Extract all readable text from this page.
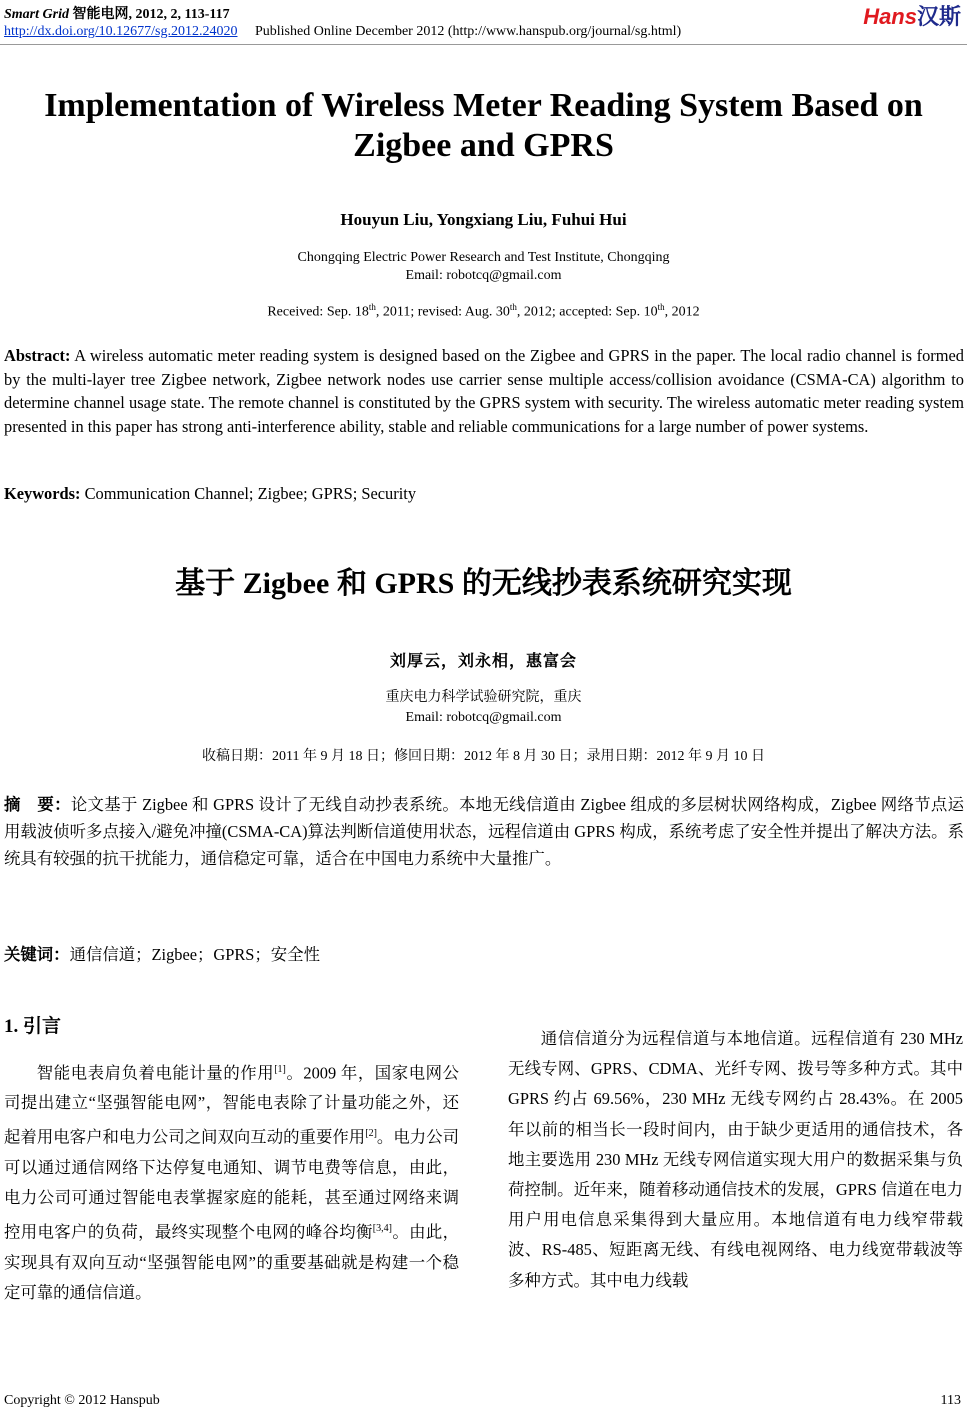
Smart Grid 智能电网, 2012, 2, 113-117
http://dx.doi.org/10.12677/sg.2012.24020 Published Online December 2012 (http://www.hanspub.org/journal/sg.html)
Hans汉斯
Implementation of Wireless Meter Reading System Based on Zigbee and GPRS
Houyun Liu, Yongxiang Liu, Fuhui Hui
Chongqing Electric Power Research and Test Institute, Chongqing
Email: robotcq@gmail.com
Received: Sep. 18th, 2011; revised: Aug. 30th, 2012; accepted: Sep. 10th, 2012
Abstract: A wireless automatic meter reading system is designed based on the Zigbee and GPRS in the paper. The local radio channel is formed by the multi-layer tree Zigbee network, Zigbee network nodes use carrier sense multiple access/collision avoidance (CSMA-CA) algorithm to determine channel usage state. The remote channel is constituted by the GPRS system with security. The wireless automatic meter reading system presented in this paper has strong anti-interference ability, stable and reliable communications for a large number of power systems.
Keywords: Communication Channel; Zigbee; GPRS; Security
基于 Zigbee 和 GPRS 的无线抄表系统研究实现
刘厚云，刘永相，惠富会
重庆电力科学试验研究院，重庆
Email: robotcq@gmail.com
收稿日期：2011 年 9 月 18 日；修回日期：2012 年 8 月 30 日；录用日期：2012 年 9 月 10 日
摘　要：论文基于 Zigbee 和 GPRS 设计了无线自动抄表系统。本地无线信道由 Zigbee 组成的多层树状网络构成，Zigbee 网络节点运用载波侦听多点接入/避免冲撞(CSMA-CA)算法判断信道使用状态，远程信道由 GPRS 构成，系统考虑了安全性并提出了解决方法。系统具有较强的抗干扰能力，通信稳定可靠，适合在中国电力系统中大量推广。
关键词：通信信道；Zigbee；GPRS；安全性
1. 引言

智能电表肩负着电能计量的作用[1]。2009 年，国家电网公司提出建立“坚强智能电网”，智能电表除了计量功能之外，还起着用电客户和电力公司之间双向互动的重要作用[2]。电力公司可以通过通信网络下达停复电通知、调节电费等信息，由此，电力公司可通过智能电表掌握家庭的能耗，甚至通过网络来调控用电客户的负荷，最终实现整个电网的峰谷均衡[3,4]。由此，实现具有双向互动“坚强智能电网”的重要基础就是构建一个稳定可靠的通信信道。

通信信道分为远程信道与本地信道。远程信道有 230 MHz 无线专网、GPRS、CDMA、光纤专网、拨号等多种方式。其中 GPRS 约占 69.56%，230 MHz 无线专网约占 28.43%。在 2005 年以前的相当长一段时间内，由于缺少更适用的通信技术，各地主要选用 230 MHz 无线专网信道实现大用户的数据采集与负荷控制。近年来，随着移动通信技术的发展，GPRS 信道在电力用户用电信息采集得到大量应用。本地信道有电力线窄带载波、RS-485、短距离无线、有线电视网络、电力线宽带载波等多种方式。其中电力线载

Copyright © 2012 Hanspub	113
